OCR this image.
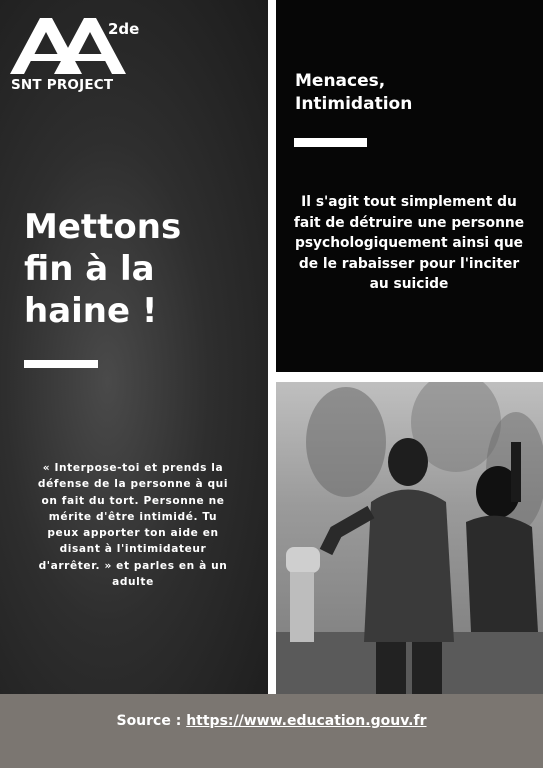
SNT PROJECT
2de
Mettons
fin à la
haine !
« Interpose-toi et prends la
défense de la personne à qui
on fait du tort. Personne ne
mérite d'être intimidé. Tu
peux apporter ton aide en
disant à l'intimidateur
d'arrêter. » et parles en à un
adulte
Menaces,
Intimidation
Il s'agit tout simplement du
fait de détruire une personne
psychologiquement ainsi que
de le rabaisser pour l'inciter
au suicide
Source : https://www.education.gouv.fr
